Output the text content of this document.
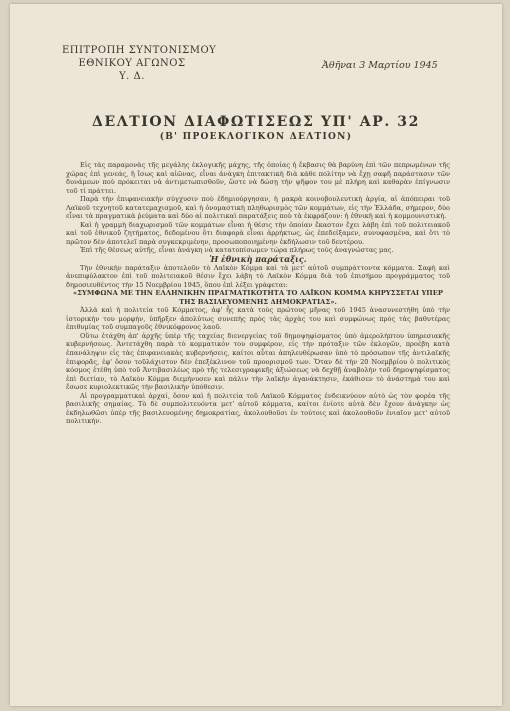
ΕΠΙΤΡΟΠΗ ΣΥΝΤΟΝΙΣΜΟΥ
ΕΘΝΙΚΟΥ ΑΓΩΝΟΣ
Υ. Δ.
Ἀθῆναι 3 Μαρτίου 1945
ΔΕΛΤΙΟΝ ΔΙΑΦΩΤΙΣΕΩΣ ΥΠ' ΑΡ. 32
(Β' ΠΡΟΕΚΛΟΓΙΚΟΝ ΔΕΛΤΙΟΝ)

Εἰς τὰς παραμονὰς τῆς μεγάλης ἐκλογικῆς μάχης, τῆς ὁποίας ἡ ἔκβασις θὰ βαρύνη ἐπὶ τῶν πεπρωμένων τῆς χώρας ἐπὶ γενεάς, ἢ ἴσως καὶ αἰῶνας, εἶναι ἀνάγκη ἐπιτακτικὴ διὰ κάθε πολίτην νὰ ἔχῃ σαφῆ παράστασιν τῶν δυνάμεων ποὺ πρόκειται νὰ ἀντιμετωπισθοῦν, ὥστε νὰ δώσῃ τὴν ψῆφον του μὲ πλήρη καὶ καθαρὰν ἐπίγνωσιν τοῦ τί πράττει.

Παρὰ τὴν ἐπιφανειακὴν σύγχυσιν ποὺ ἐδημιούργησαν, ἡ μακρὰ κοινοβουλευτικὴ ἀργία, αἱ ἀπόπειραι τοῦ Λαϊκοῦ τεχνητοῦ κατατεμαχισμοῦ, καὶ ἡ ὀνομαστικὴ πληθωρισμὸς τῶν κομμάτων, εἰς τὴν Ἑλλάδα, σήμερον, δύο εἶναι τὰ πραγματικὰ ῥεύματα καὶ δύο αἱ πολιτικαὶ παρατάξεις ποὺ τὰ ἐκφράζουν: ἡ ἐθνικὴ καὶ ἡ κομμουνιστική.

Καὶ ἡ γραμμὴ διαχωρισμοῦ τῶν κομμάτων εἶναι ἡ θέσις τὴν ὁποίαν ἕκαστον ἔχει λάβη ἐπὶ τοῦ πολιτειακοῦ καὶ τοῦ ἐθνικοῦ ζητήματος, δεδομένου ὅτι διαφορὰ εἶναι ἀρρήκτως, ὡς ἐπεδείξαμεν, συνυφασμένα, καὶ ὅτι τὸ πρῶτον δὲν ἀποτελεῖ παρὰ συγκεκριμένην, προσωποποιημένην ἐκδήλωσιν τοῦ δευτέρου.

Ἐπὶ τῆς θέσεως αὐτῆς, εἶναι ἀνάγκη νὰ κατατοπίσωμεν τώρα πλήρως τοὺς ἀναγνώστας μας.

Ἡ ἐθνικὴ παράταξις.

Τὴν ἐθνικὴν παράταξιν ἀποτελοῦν τὸ Λαϊκὸν Κόμμα καὶ τὰ μετ' αὐτοῦ συμπράττοντα κόμματα. Σαφὴ καὶ ἀνεπιφύλακτον ἐπὶ τοῦ πολιτειακοῦ θέσιν ἔχει λάβη τὸ Λαϊκὸν Κόμμα διὰ τοῦ ἐπισήμου προγράμματος τοῦ δημοσιευθέντος τὴν 15 Νοεμβρίου 1945, ὅπου ἐπὶ λέξει γράφεται:

«ΣΥΜΦΩΝΑ ΜΕ ΤΗΝ ΕΛΛΗΝΙΚΗΝ ΠΡΑΓΜΑΤΙΚΟΤΗΤΑ ΤΟ ΛΑΪΚΟΝ ΚΟΜΜΑ ΚΗΡΥΣΣΕΤΑΙ ΥΠΕΡ ΤΗΣ ΒΑΣΙΛΕΥΟΜΕΝΗΣ ΔΗΜΟΚΡΑΤΙΑΣ».

Ἀλλὰ καὶ ἡ πολιτεία τοῦ Κόμματος, ἀφ' ἧς κατὰ τοὺς πρώτους μῆνας τοῦ 1945 ἀνασυνεστήθη ὑπὸ τὴν ἱστορικήν του μορφήν, ὑπῆρξεν ἀπολύτως συνεπὴς πρὸς τὰς ἀρχὰς του καὶ συμφώνως πρὸς τὰς βαθυτέρας ἐπιθυμίας τοῦ συμπαγοῦς ἐθνικόφρονος λαοῦ.

Οὕτω ἐτάχθη ἀπ' ἀρχῆς ὑπὲρ τῆς ταχείας διενεργείας τοῦ δημοψηφίσματος ὑπὸ ἀμερολήπτου ὑπηρεσιακῆς κυβερνήσεως. Ἀντετάχθη παρὰ τὸ κομματικόν του συμφέρον, εἰς τὴν πρόταξιν τῶν ἐκλογῶν, προέβη κατὰ ἐπανάληψιν εἰς τὰς ἐπιφανειακὰς κυβερνήσεις, καίτοι αὗται ἀπηλευθέρωσαν ὑπὸ τὸ πρόσωπον τῆς ἀντιλαϊκῆς ἐπιφορᾶς, ἐφ' ὅσον τοῦλάχιστον δὲν ἐπεξέκλινον τοῦ προορισμοῦ των. Ὅταν δὲ τὴν 20 Νοεμβρίου ὁ πολιτικὸς κόσμος ἐτέθη ὑπὸ τοῦ Ἀντιβασιλέως πρὸ τῆς τελεσιγραφικῆς ἀξιώσεως νὰ δεχθῇ ἀναβολὴν τοῦ δημοψηφίσματος ἐπὶ διετίαν, τὸ Λαϊκὸν Κόμμα διεμήνυσεν καὶ πάλιν τὴν λαϊκὴν ἀγανάκτησιν, ἐκάθισεν τὸ ἀνάστημά του καὶ ἔσωσε κυριολεκτικῶς τὴν βασιλικὴν ὑπόθεσιν.

Αἱ προγραμματικαὶ ἀρχαί, ὅσον καὶ ἡ πολιτεία τοῦ Λαϊκοῦ Κόμματος ἐνδεικνύουν αὐτὸ ὡς τὸν φορέα τῆς βασιλικῆς σημαίας. Τὸ δὲ συμπολιτευόντα μετ' αὐτοῦ κόμματα, καίτοι ἐνίοτε αὐτὰ δὲν ἔχουν ἀνάγκην ὡς ἐκδηλωθῶσι ὑπὲρ τῆς βασιλευομένης δημοκρατίας, ἀκολουθοῦσι ἐν τούτοις καὶ ἀκολουθοῦν ἐνιαῖον μετ' αὐτοῦ πολιτικήν.
